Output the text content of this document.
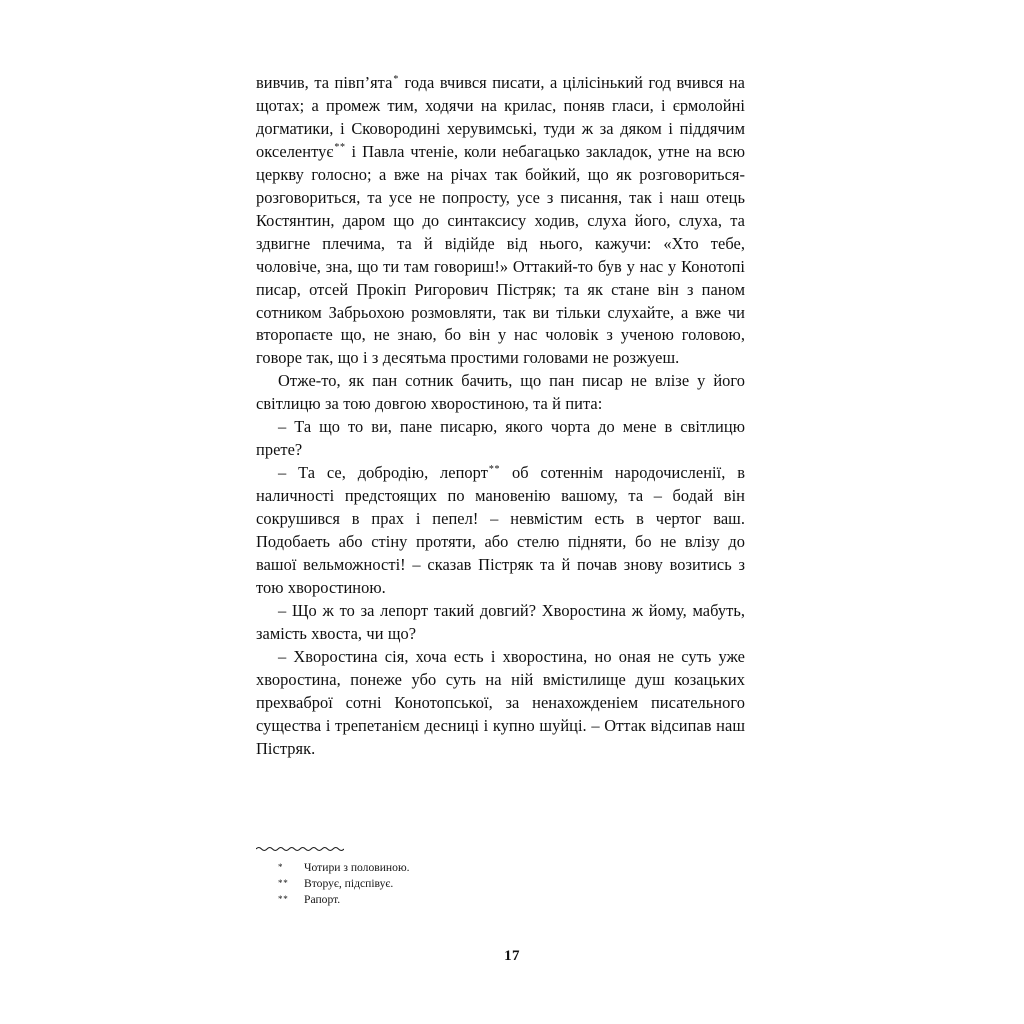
вивчив, та півп’ята* года вчився писати, а цілісінький год вчився на щотах; а промеж тим, ходячи на крилас, поняв гласи, і єрмолойні догматики, і Сковородині херувимські, туди ж за дяком і піддячим окселентує** і Павла чтеніе, коли небагацько закладок, утне на всю церкву голосно; а вже на річах так бойкий, що як розговориться-розговориться, та усе не попросту, усе з писання, так і наш отець Костянтин, даром що до синтаксису ходив, слуха його, слуха, та здвигне плечима, та й відійде від нього, кажучи: «Хто тебе, чоловіче, зна, що ти там говориш!» Оттакий-то був у нас у Конотопі писар, отсей Прокіп Ригорович Пістряк; та як стане він з паном сотником Забрьохою розмовляти, так ви тільки слухайте, а вже чи второпаєте що, не знаю, бо він у нас чоловік з ученою головою, говоре так, що і з десятьма простими головами не розжуеш.

Отже-то, як пан сотник бачить, що пан писар не влізе у його світлицю за тою довгою хворостиною, та й пита:

– Та що то ви, пане писарю, якого чорта до мене в світлицю прете?

– Та се, добродію, лепорт** об сотеннім народочисленії, в наличності предстоящих по мановенію вашому, та – бодай він сокрушився в прах і пепел! – невмістим есть в чертог ваш. Подобаеть або стіну протяти, або стелю підняти, бо не влізу до вашої вельможності! – сказав Пістряк та й почав знову возитись з тою хворостиною.

– Що ж то за лепорт такий довгий? Хворостина ж йому, мабуть, замість хвоста, чи що?

– Хворостина сія, хоча есть і хворостина, но оная не суть уже хворостина, понеже убо суть на ній вмістилище душ козацьких прехваброї сотні Конотопської, за ненахожденіем писательного существа і трепетанієм десниці і купно шуйці. – Оттак відсипав наш Пістряк.

*	Чотири з половиною.
**	Вторує, підспівує.
**	Рапорт.
17
